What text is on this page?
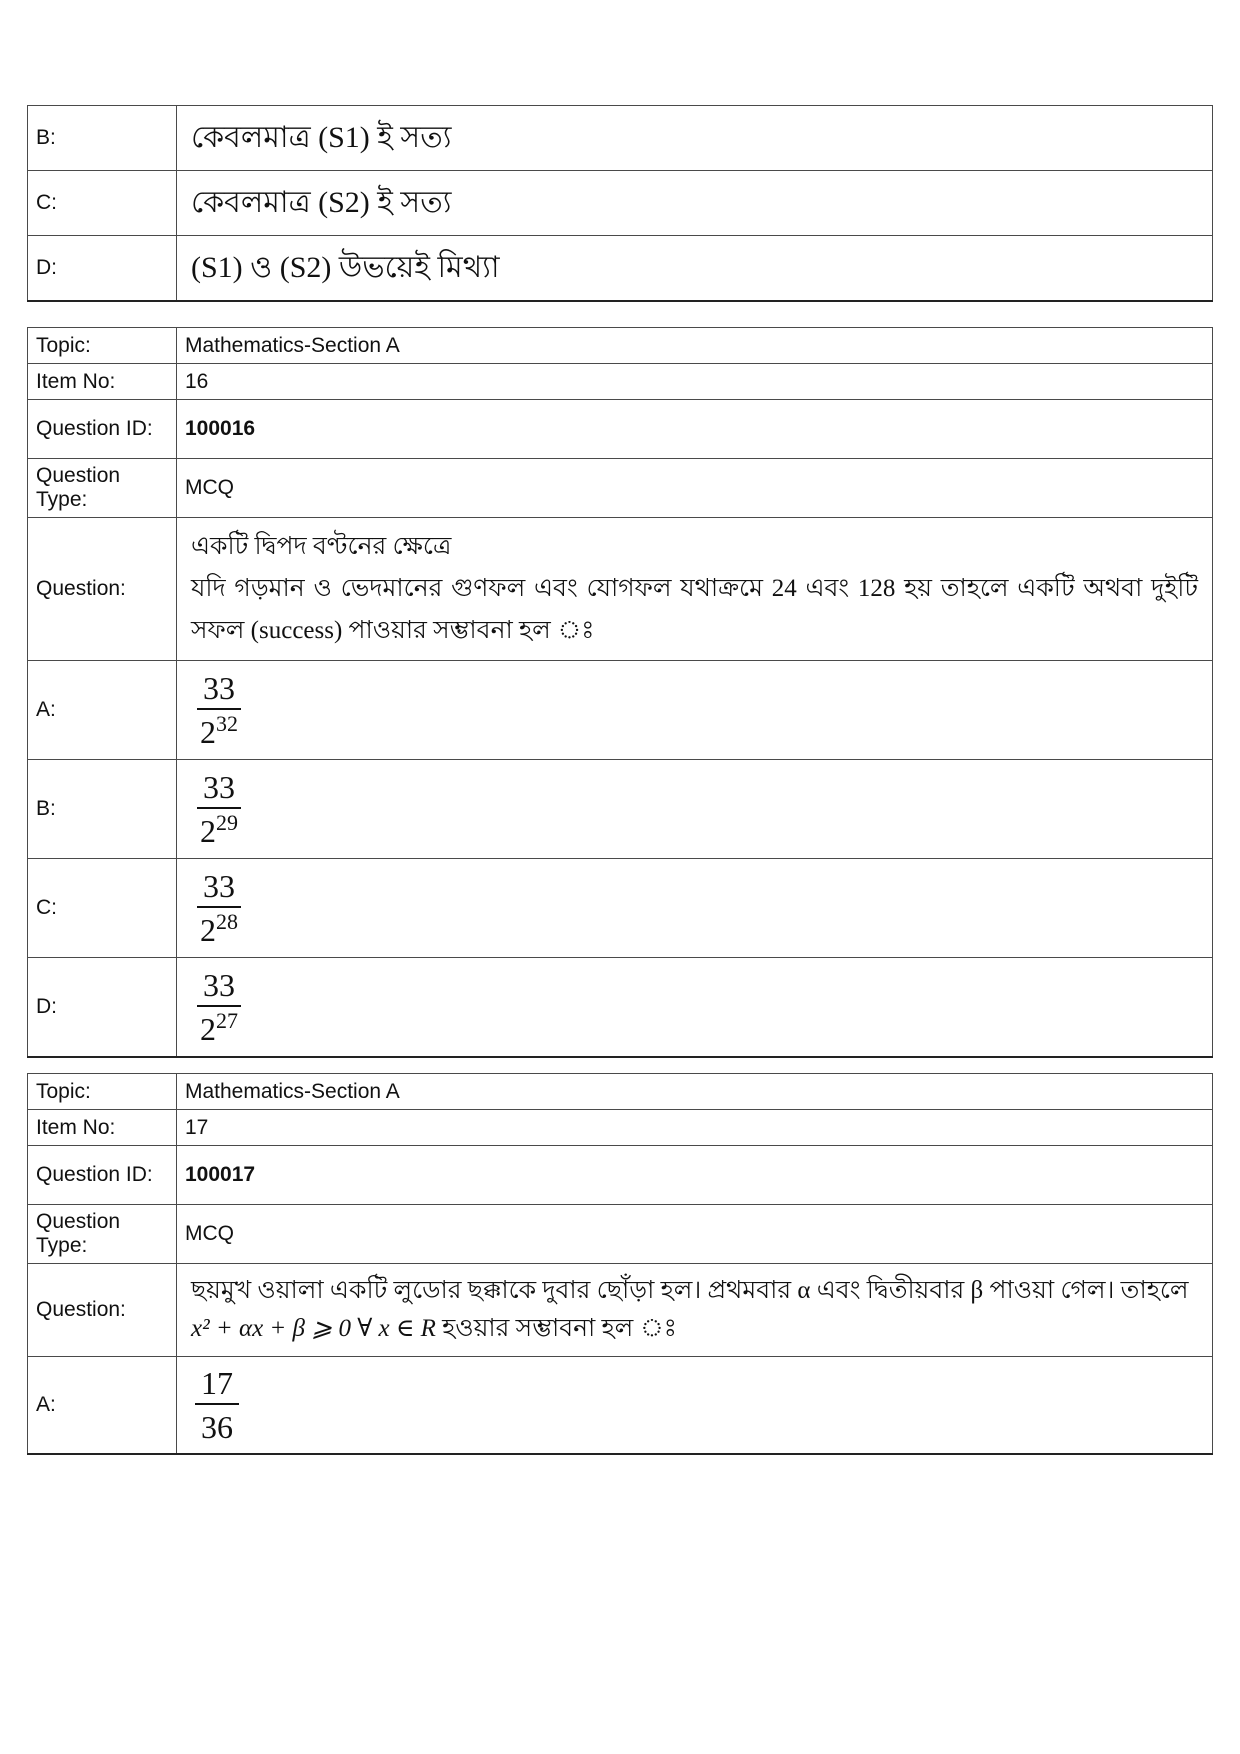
B:	কেবলমাত্র (S1) ই সত্য
C:	কেবলমাত্র (S2) ই সত্য
D:	(S1) ও (S2) উভয়েই মিথ্যা
Topic:	Mathematics-Section A
Item No:	16
Question ID:	100016
Question Type:	MCQ
Question:	একটি দ্বিপদ বণ্টনের ক্ষেত্রে
যদি গড়মান ও ভেদমানের গুণফল এবং যোগফল যথাক্রমে 24 এবং 128 হয় তাহলে একটি অথবা দুইটি সফল (success) পাওয়ার সম্ভাবনা হল ঃ

A:	$\frac{33}{2^{32}}$

B:	$\frac{33}{2^{29}}$

C:	$\frac{33}{2^{28}}$

D:	$\frac{33}{2^{27}}$
Topic:	Mathematics-Section A
Item No:	17
Question ID:	100017
Question Type:	MCQ
Question:	ছয়মুখ ওয়ালা একটি লুডোর ছক্কাকে দুবার ছোঁড়া হল। প্রথমবার α এবং দ্বিতীয়বার β পাওয়া গেল। তাহলে
x² + αx + β ⩾ 0 ∀ x ∈ R হওয়ার সম্ভাবনা হল ঃ

A:	$\frac{17}{36}$
